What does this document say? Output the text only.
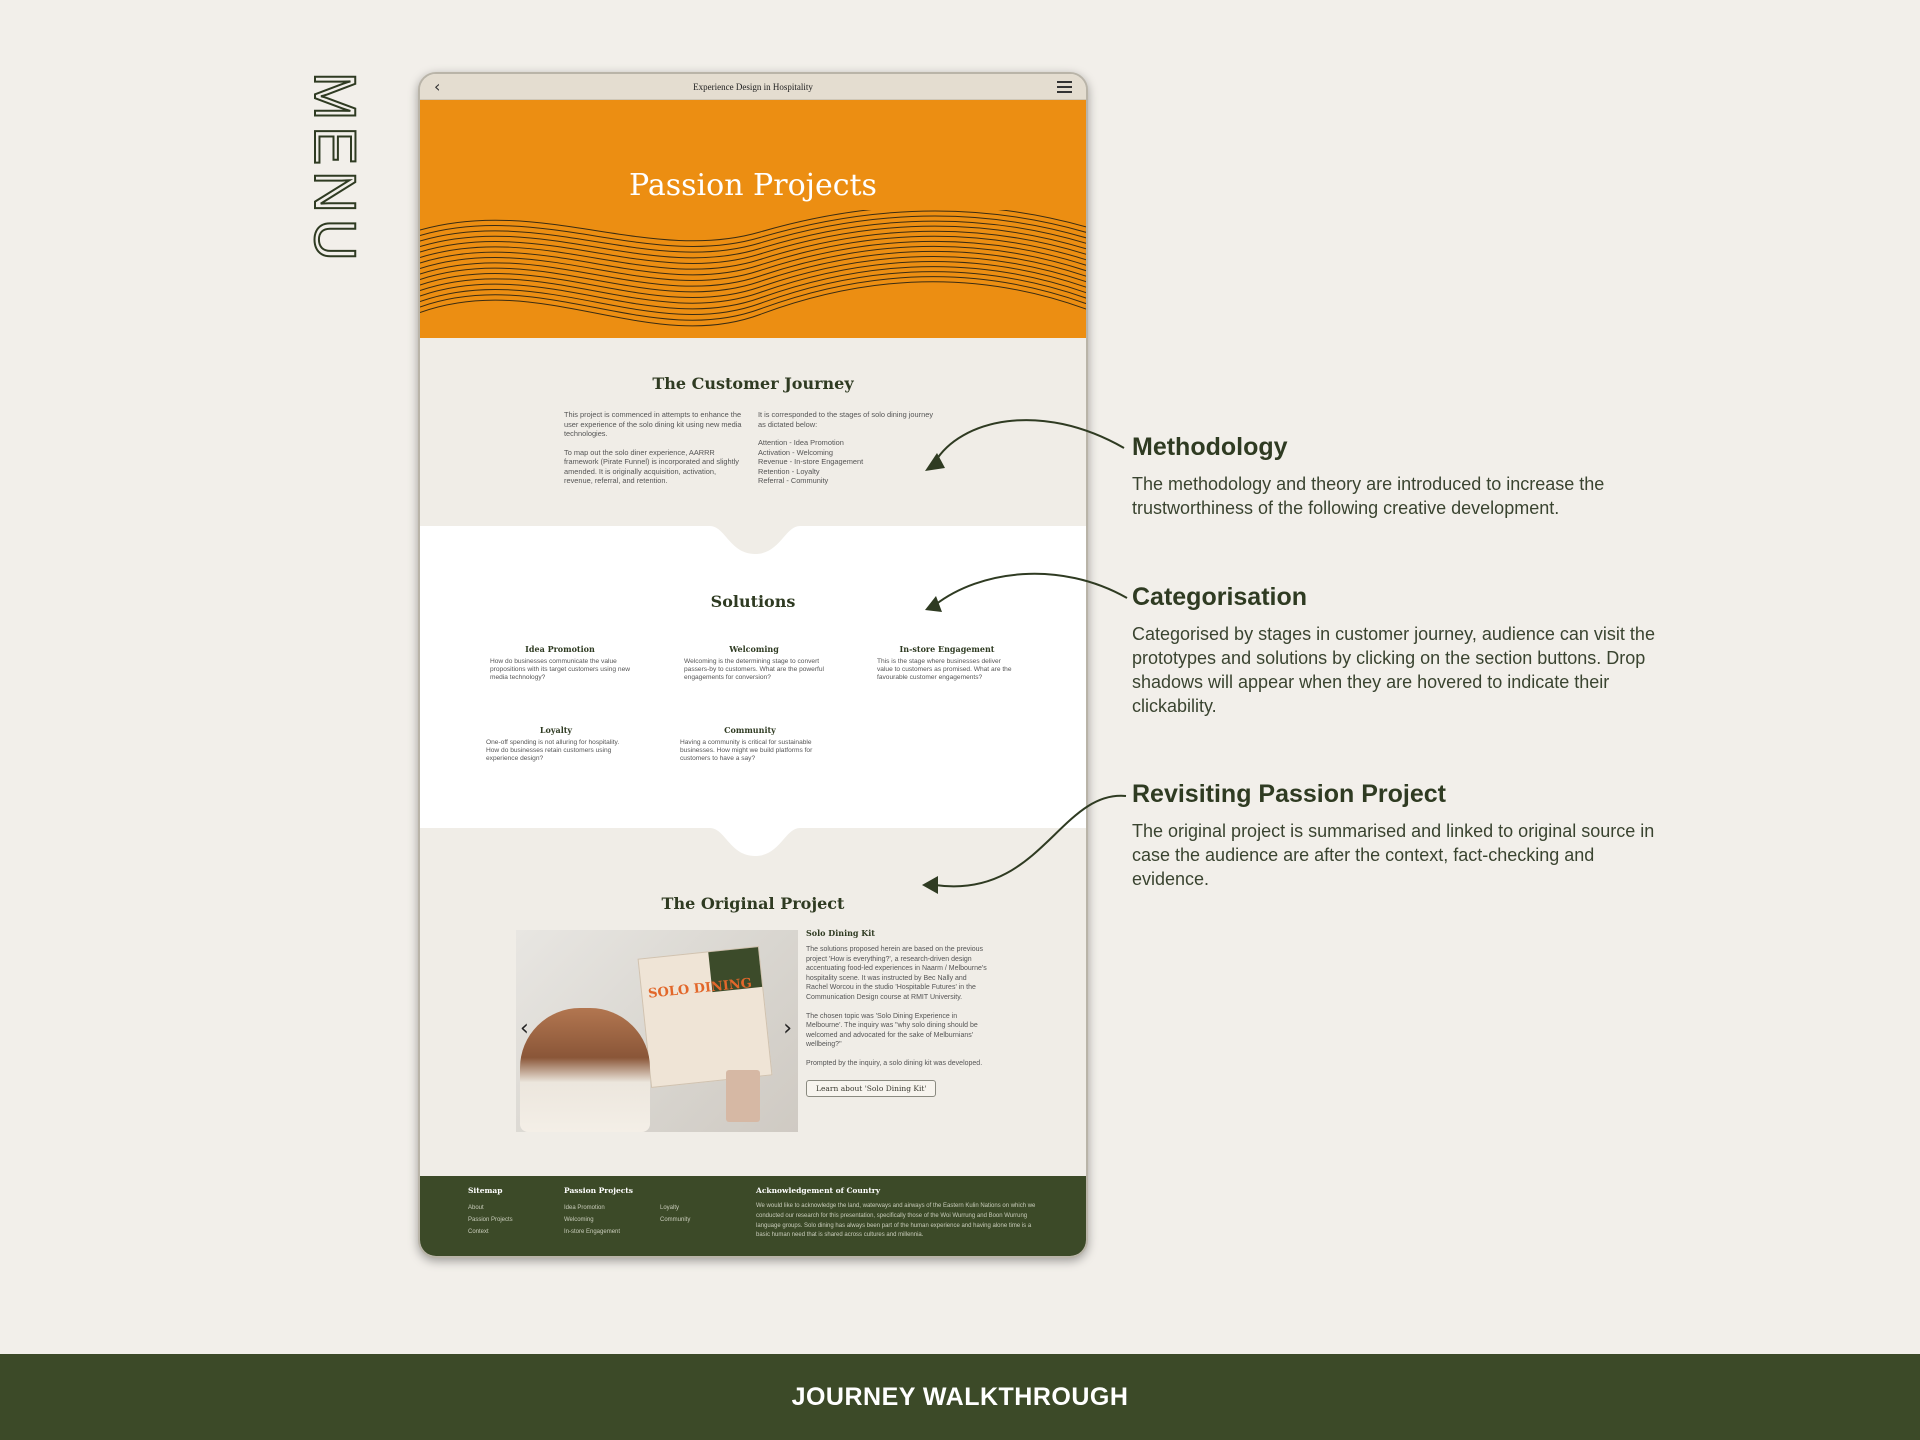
MENU	‹	Experience Design in Hospitality
Passion Projects
The Customer Journey

This project is commenced in attempts to enhance the user experience of the solo dining kit using new media technologies.

To map out the solo diner experience, AARRR framework (Pirate Funnel) is incorporated and slightly amended. It is originally acquisition, activation, revenue, referral, and retention.

It is corresponded to the stages of solo dining journey as dictated below:

Attention - Idea Promotion
Activation - Welcoming
Revenue - In-store Engagement
Retention - Loyalty
Referral - Community
Solutions
Idea Promotion

How do businesses communicate the value propositions with its target customers using new media technology?

Welcoming

Welcoming is the determining stage to convert passers-by to customers. What are the powerful engagements for conversion?

In-store Engagement

This is the stage where businesses deliver value to customers as promised. What are the favourable customer engagements?

Loyalty

One-off spending is not alluring for hospitality. How do businesses retain customers using experience design?

Community

Having a community is critical for sustainable businesses. How might we build platforms for customers to have a say?

The Original Project
SOLO DINING
‹	›
Solo Dining Kit

The solutions proposed herein are based on the previous project 'How is everything?', a research-driven design accentuating food-led experiences in Naarm / Melbourne's hospitality scene. It was instructed by Bec Nally and Rachel Worcou in the studio 'Hospitable Futures' in the Communication Design course at RMIT University.

The chosen topic was 'Solo Dining Experience in Melbourne'. The inquiry was "why solo dining should be welcomed and advocated for the sake of Melburnians' wellbeing?"

Prompted by the inquiry, a solo dining kit was developed.

Learn about 'Solo Dining Kit'
Sitemap
About
Passion Projects
Context
Passion Projects
Idea Promotion
Welcoming
In-store Engagement
Loyalty
Community
Acknowledgement of Country
We would like to acknowledge the land, waterways and airways of the Eastern Kulin Nations on which we conducted our research for this presentation, specifically those of the Woi Wurrung and Boon Wurrung language groups. Solo dining has always been part of the human experience and having alone time is a basic human need that is shared across cultures and millennia.
Methodology

The methodology and theory are introduced to increase the trustworthiness of the following creative development.

Categorisation

Categorised by stages in customer journey, audience can visit the prototypes and solutions by clicking on the section buttons. Drop shadows will appear when they are hovered to indicate their clickability.

Revisiting Passion Project

The original project is summarised and linked to original source in case the audience are after the context, fact-checking and evidence.

JOURNEY WALKTHROUGH
